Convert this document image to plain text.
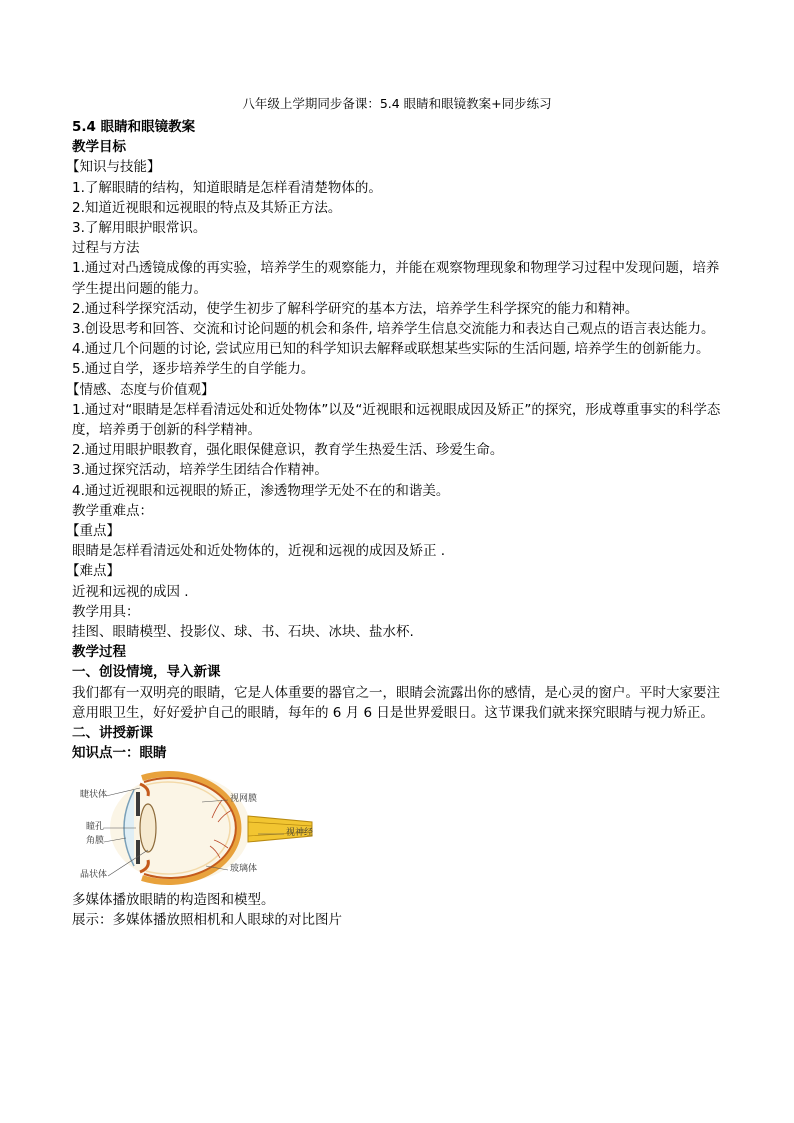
八年级上学期同步备课：5.4 眼睛和眼镜教案+同步练习
5.4 眼睛和眼镜教案
教学目标
【知识与技能】
1.了解眼睛的结构，知道眼睛是怎样看清楚物体的。
2.知道近视眼和远视眼的特点及其矫正方法。
3.了解用眼护眼常识。
过程与方法
1.通过对凸透镜成像的再实验，培养学生的观察能力，并能在观察物理现象和物理学习过程中发现问题，培养学生提出问题的能力。
2.通过科学探究活动，使学生初步了解科学研究的基本方法，培养学生科学探究的能力和精神。
3.创设思考和回答、交流和讨论问题的机会和条件, 培养学生信息交流能力和表达自己观点的语言表达能力。
4.通过几个问题的讨论, 尝试应用已知的科学知识去解释或联想某些实际的生活问题, 培养学生的创新能力。
5.通过自学，逐步培养学生的自学能力。
【情感、态度与价值观】
1.通过对“眼睛是怎样看清远处和近处物体”以及“近视眼和远视眼成因及矫正”的探究，形成尊重事实的科学态度，培养勇于创新的科学精神。
2.通过用眼护眼教育，强化眼保健意识，教育学生热爱生活、珍爱生命。
3.通过探究活动，培养学生团结合作精神。
4.通过近视眼和远视眼的矫正，渗透物理学无处不在的和谐美。
教学重难点：
【重点】
眼睛是怎样看清远处和近处物体的，近视和远视的成因及矫正 .
【难点】
近视和远视的成因 .
教学用具：
挂图、眼睛模型、投影仪、球、书、石块、冰块、盐水杯.
教学过程
一、创设情境，导入新课
我们都有一双明亮的眼睛，它是人体重要的器官之一，眼睛会流露出你的感情，是心灵的窗户。平时大家要注意用眼卫生，好好爱护自己的眼睛，每年的 6 月 6 日是世界爱眼日。这节课我们就来探究眼睛与视力矫正。
二、讲授新课
知识点一：眼睛
睫状体
瞳孔
角膜
晶状体
视网膜
视神经
玻璃体
多媒体播放眼睛的构造图和模型。
展示：多媒体播放照相机和人眼球的对比图片
